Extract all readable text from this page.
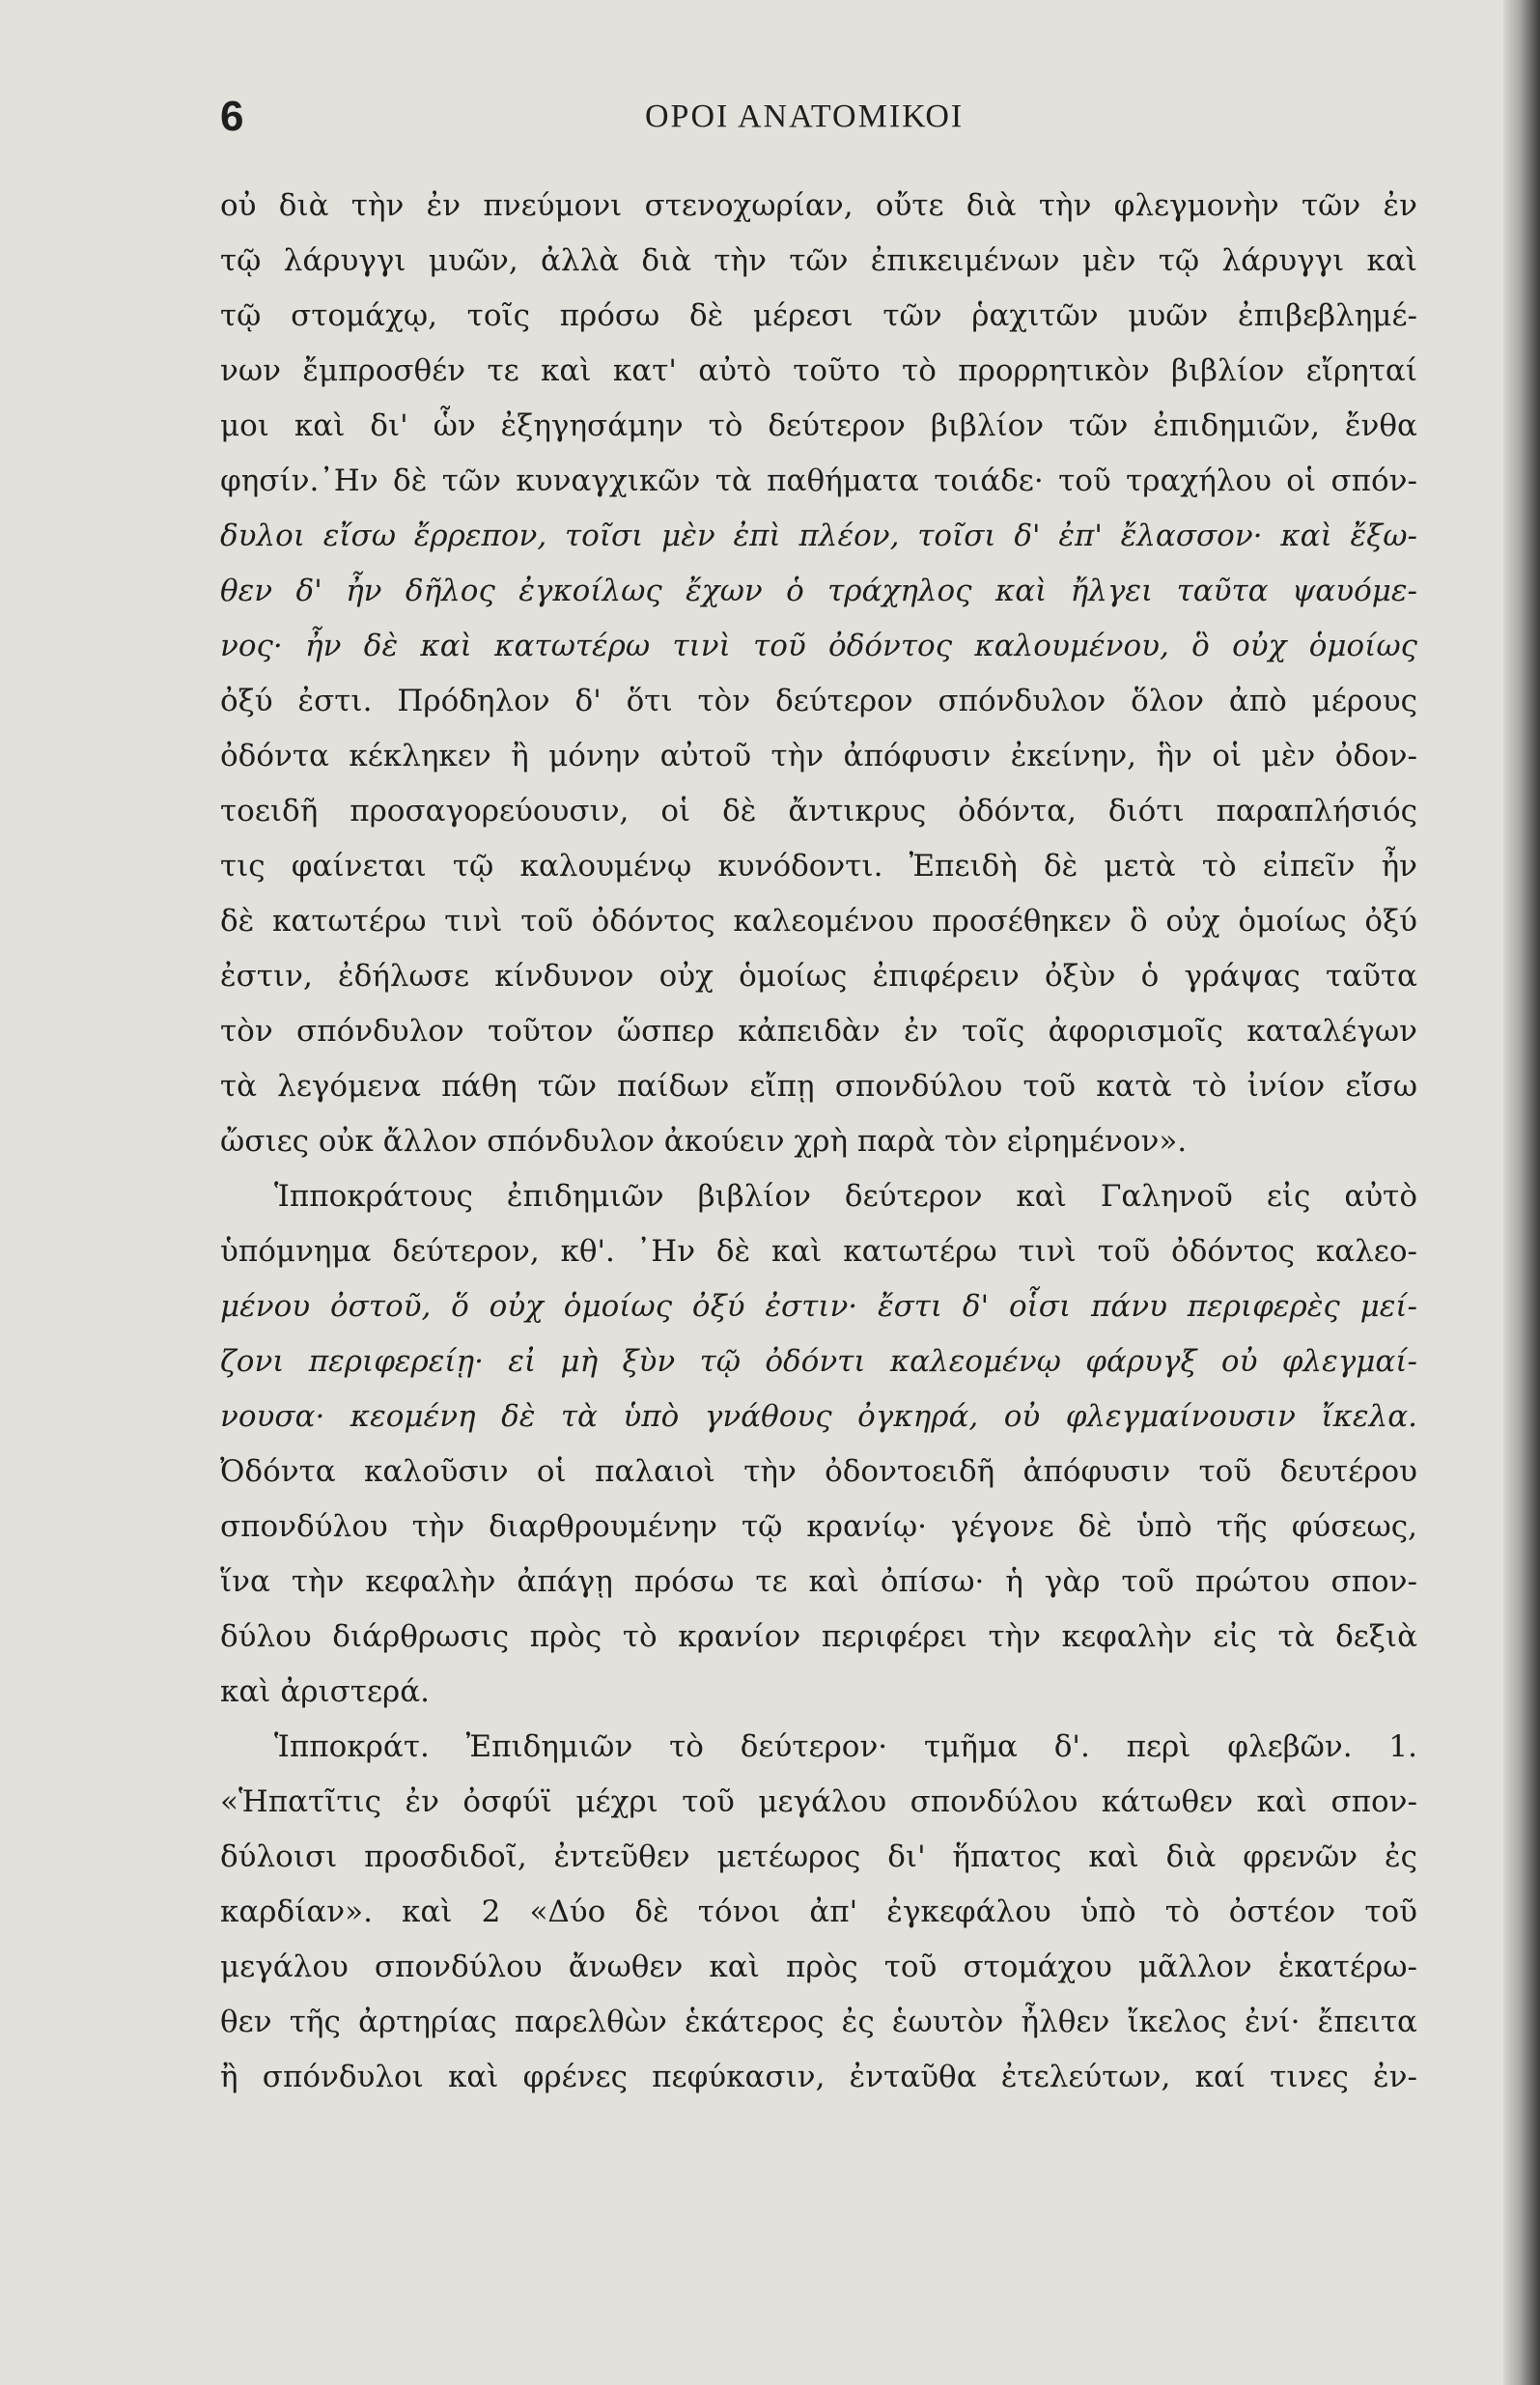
6	ΟΡΟΙ ΑΝΑΤΟΜΙΚΟΙ
οὐ διὰ τὴν ἐν πνεύμονι στενοχωρίαν, οὔτε διὰ τὴν φλεγμονὴν τῶν ἐν
τῷ λάρυγγι μυῶν, ἀλλὰ διὰ τὴν τῶν ἐπικειμένων μὲν τῷ λάρυγγι καὶ
τῷ στομάχῳ, τοῖς πρόσω δὲ μέρεσι τῶν ῥαχιτῶν μυῶν ἐπιβεβλημέ-
νων ἔμπροσθέν τε καὶ κατ' αὐτὸ τοῦτο τὸ προρρητικὸν βιβλίον εἴρηταί
μοι καὶ δι' ὧν ἐξηγησάμην τὸ δεύτερον βιβλίον τῶν ἐπιδημιῶν, ἔνθα
φησίν.᾽Ην δὲ τῶν κυναγχικῶν τὰ παθήματα τοιάδε· τοῦ τραχήλου οἱ σπόν-
δυλοι εἴσω ἔρρεπον, τοῖσι μὲν ἐπὶ πλέον, τοῖσι δ' ἐπ' ἔλασσον· καὶ ἔξω-
θεν δ' ἦν δῆλος ἐγκοίλως ἔχων ὁ τράχηλος καὶ ἤλγει ταῦτα ψαυόμε-
νος· ἦν δὲ καὶ κατωτέρω τινὶ τοῦ ὀδόντος καλουμένου, ὃ οὐχ ὁμοίως
ὀξύ ἐστι. Πρόδηλον δ' ὅτι τὸν δεύτερον σπόνδυλον ὅλον ἀπὸ μέρους
ὀδόντα κέκληκεν ἢ μόνην αὐτοῦ τὴν ἀπόφυσιν ἐκείνην, ἣν οἱ μὲν ὀδον-
τοειδῆ προσαγορεύουσιν, οἱ δὲ ἄντικρυς ὀδόντα, διότι παραπλήσιός
τις φαίνεται τῷ καλουμένῳ κυνόδοντι. Ἐπειδὴ δὲ μετὰ τὸ εἰπεῖν ἦν
δὲ κατωτέρω τινὶ τοῦ ὀδόντος καλεομένου προσέθηκεν ὃ οὐχ ὁμοίως ὀξύ
ἐστιν, ἐδήλωσε κίνδυνον οὐχ ὁμοίως ἐπιφέρειν ὀξὺν ὁ γράψας ταῦτα
τὸν σπόνδυλον τοῦτον ὥσπερ κἀπειδὰν ἐν τοῖς ἀφορισμοῖς καταλέγων
τὰ λεγόμενα πάθη τῶν παίδων εἴπῃ σπονδύλου τοῦ κατὰ τὸ ἰνίον εἴσω
ὤσιες οὐκ ἄλλον σπόνδυλον ἀκούειν χρὴ παρὰ τὸν εἰρημένον».
Ἱπποκράτους ἐπιδημιῶν βιβλίον δεύτερον καὶ Γαληνοῦ εἰς αὐτὸ
ὑπόμνημα δεύτερον, κθ'. ᾽Ην δὲ καὶ κατωτέρω τινὶ τοῦ ὀδόντος καλεο-
μένου ὀστοῦ, ὅ οὐχ ὁμοίως ὀξύ ἐστιν· ἔστι δ' οἷσι πάνυ περιφερὲς μεί-
ζονι περιφερείῃ· εἰ μὴ ξὺν τῷ ὀδόντι καλεομένῳ φάρυγξ οὐ φλεγμαί-
νουσα· κεομένη δὲ τὰ ὑπὸ γνάθους ὀγκηρά, οὐ φλεγμαίνουσιν ἴκελα.
Ὀδόντα καλοῦσιν οἱ παλαιοὶ τὴν ὀδοντοειδῆ ἀπόφυσιν τοῦ δευτέρου
σπονδύλου τὴν διαρθρουμένην τῷ κρανίῳ· γέγονε δὲ ὑπὸ τῆς φύσεως,
ἵνα τὴν κεφαλὴν ἀπάγῃ πρόσω τε καὶ ὀπίσω· ἡ γὰρ τοῦ πρώτου σπον-
δύλου διάρθρωσις πρὸς τὸ κρανίον περιφέρει τὴν κεφαλὴν εἰς τὰ δεξιὰ
καὶ ἀριστερά.
Ἱπποκράτ. Ἐπιδημιῶν τὸ δεύτερον· τμῆμα δ'. περὶ φλεβῶν. 1.
«Ἡπατῖτις ἐν ὀσφύϊ μέχρι τοῦ μεγάλου σπονδύλου κάτωθεν καὶ σπον-
δύλοισι προσδιδοῖ, ἐντεῦθεν μετέωρος δι' ἥπατος καὶ διὰ φρενῶν ἐς
καρδίαν». καὶ 2 «Δύο δὲ τόνοι ἀπ' ἐγκεφάλου ὑπὸ τὸ ὀστέον τοῦ
μεγάλου σπονδύλου ἄνωθεν καὶ πρὸς τοῦ στομάχου μᾶλλον ἑκατέρω-
θεν τῆς ἀρτηρίας παρελθὼν ἑκάτερος ἐς ἑωυτὸν ἦλθεν ἴκελος ἐνί· ἔπειτα
ἢ σπόνδυλοι καὶ φρένες πεφύκασιν, ἐνταῦθα ἐτελεύτων, καί τινες ἐν-
